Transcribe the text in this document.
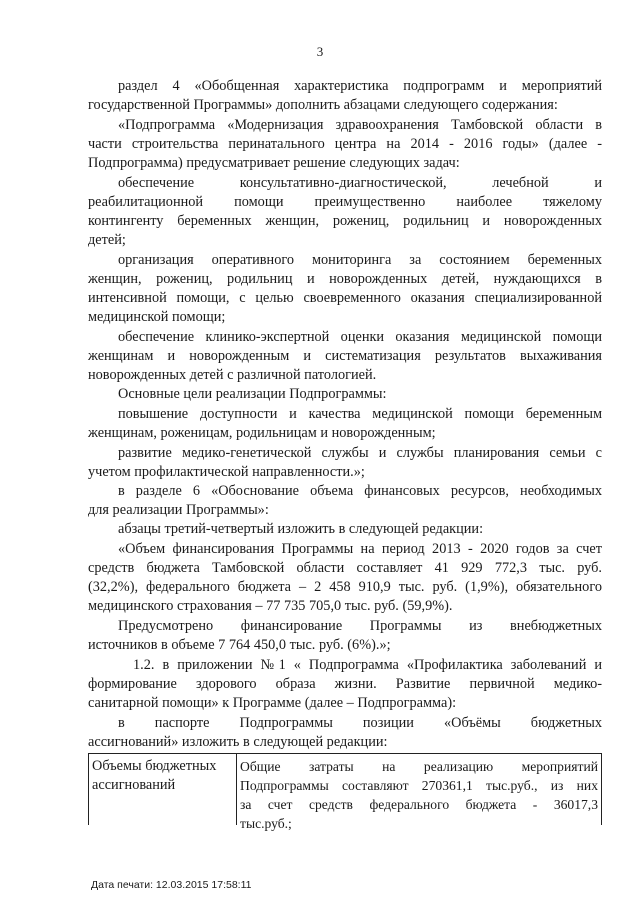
3
раздел 4 «Обобщенная характеристика подпрограмм и мероприятий
государственной Программы» дополнить абзацами следующего содержания:
«Подпрограмма «Модернизация здравоохранения Тамбовской области в
части строительства перинатального центра на 2014 - 2016 годы» (далее -
Подпрограмма) предусматривает решение следующих задач:
обеспечение консультативно-диагностической, лечебной и
реабилитационной помощи преимущественно наиболее тяжелому
контингенту беременных женщин, рожениц, родильниц и новорожденных
детей;
организация оперативного мониторинга за состоянием беременных
женщин, рожениц, родильниц и новорожденных детей, нуждающихся в
интенсивной помощи, с целью своевременного оказания специализированной
медицинской помощи;
обеспечение клинико-экспертной оценки оказания медицинской помощи
женщинам и новорожденным и систематизация результатов выхаживания
новорожденных детей с различной патологией.
Основные цели реализации Подпрограммы:
повышение доступности и качества медицинской помощи беременным
женщинам, роженицам, родильницам и новорожденным;
развитие медико-генетической службы и службы планирования семьи с
учетом профилактической направленности.»;
в разделе 6 «Обоснование объема финансовых ресурсов, необходимых
для реализации Программы»:
абзацы третий-четвертый изложить в следующей редакции:
«Объем финансирования Программы на период 2013 - 2020 годов за счет
средств бюджета Тамбовской области составляет 41 929 772,3 тыс. руб.
(32,2%), федерального бюджета – 2 458 910,9 тыс. руб. (1,9%), обязательного
медицинского страхования – 77 735 705,0 тыс. руб. (59,9%).
Предусмотрено финансирование Программы из внебюджетных
источников в объеме 7 764 450,0 тыс. руб. (6%).»;
1.2. в приложении №1 « Подпрограмма «Профилактика заболеваний и
формирование здорового образа жизни. Развитие первичной медико-
санитарной помощи» к Программе (далее – Подпрограмма):
в паспорте Подпрограммы позиции «Объёмы бюджетных
ассигнований» изложить в следующей редакции:
Объемы бюджетных
ассигнований
Общие затраты на реализацию мероприятий
Подпрограммы составляют 270361,1 тыс.руб., из них
за счет средств федерального бюджета - 36017,3
тыс.руб.;
Дата печати: 12.03.2015 17:58:11
